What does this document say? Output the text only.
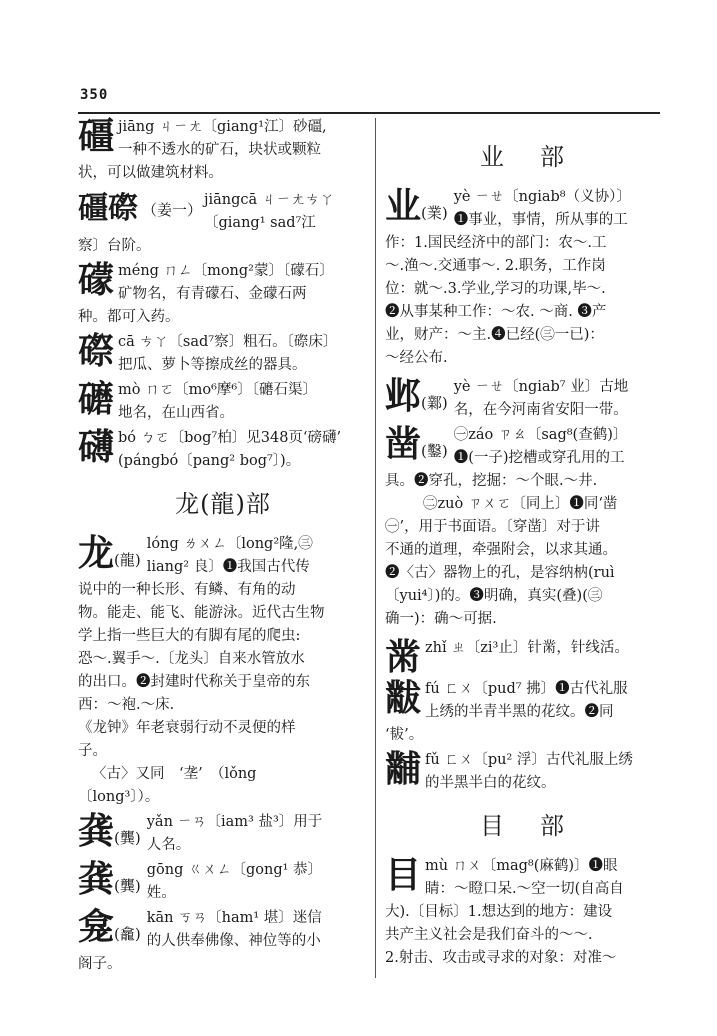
350
礓 jiāng ㄐㄧㄤ〔giang¹江〕砂礓,
一种不透水的矿石，块状或颗粒
状，可以做建筑材料。
礓磜 （姜一）
jiāngcā ㄐㄧㄤㄘㄚ
〔giang¹ sad⁷江
察〕台阶。
礞 méng ㄇㄥ〔mong²蒙〕〔礞石〕
矿物名，有青礞石、金礞石两
种。都可入药。
磜 cā ㄘㄚ〔sad⁷察〕粗石。〔磜床〕
把瓜、萝卜等擦成丝的器具。
礳 mò ㄇㄛ〔mo⁶摩⁶〕〔礳石渠〕
地名，在山西省。
礴 bó ㄅㄛ〔bog⁷柏〕见348页‘磅礴’
(pángbó〔pang² bog⁷〕)。
龙(龍)部
龙(龍)
lóng ㄌㄨㄥ〔long²隆,㊂
liang² 良〕❶我国古代传
说中的一种长形、有鳞、有角的动
物。能走、能飞、能游泳。近代古生物
学上指一些巨大的有脚有尾的爬虫:
恐～.翼手～.〔龙头〕自来水管放水
的出口。❷封建时代称关于皇帝的东
西：～袍.～床.
《龙钟》年老衰弱行动不灵便的样
子。
〈古〉又同　‘垄’　（lǒng
〔long³〕）。
龚(龔)
yǎn ㄧㄢ〔iam³ 盐³〕用于
人名。
龚(龔)
gōng ㄍㄨㄥ〔gong¹ 恭〕
姓。
龛(龕)
kān ㄎㄢ〔ham¹ 堪〕迷信
的人供奉佛像、神位等的小
阁子。
业　部
业(業)
yè ㄧㄝ〔ngiab⁸（义协）〕
❶事业，事情，所从事的工
作：1.国民经济中的部门：农～.工
～.渔～.交通事～. 2.职务，工作岗
位：就～.3.学业,学习的功课,毕～.
❷从事某种工作：～农. ～商. ❸产
业，财产：～主.❹已经(㊂一已)：
～经公布.
邺(鄴)
yè ㄧㄝ〔ngiab⁷ 业〕古地
名，在今河南省安阳一带。
凿(鑿)
㊀záo ㄗㄠ〔sag⁸(查鹤)〕
❶(一子)挖槽或穿孔用的工
具。❷穿孔，挖掘：～个眼.～井.
㊁zuò ㄗㄨㄛ〔同上〕❶同‘凿
㊀’，用于书面语。〔穿凿〕对于讲
不通的道理，牵强附会，以求其通。
❷〈古〉器物上的孔，是容纳枘(ruì
〔yui⁴〕)的。❸明确，真实(叠)(㊂
确一)：确～可据.
黹 zhǐ ㄓ〔zi³止〕针黹，针线活。
黻 fú ㄈㄨ〔pud⁷ 拂〕❶古代礼服
上绣的半青半黑的花纹。❷同
‘韨’。
黼 fǔ ㄈㄨ〔pu² 浮〕古代礼服上绣
的半黑半白的花纹。
目　部
目 mù ㄇㄨ〔mag⁸(麻鹤)〕❶眼
睛：～瞪口呆.～空一切(自高自
大).〔目标〕1.想达到的地方：建设
共产主义社会是我们奋斗的～～.
2.射击、攻击或寻求的对象：对准～
